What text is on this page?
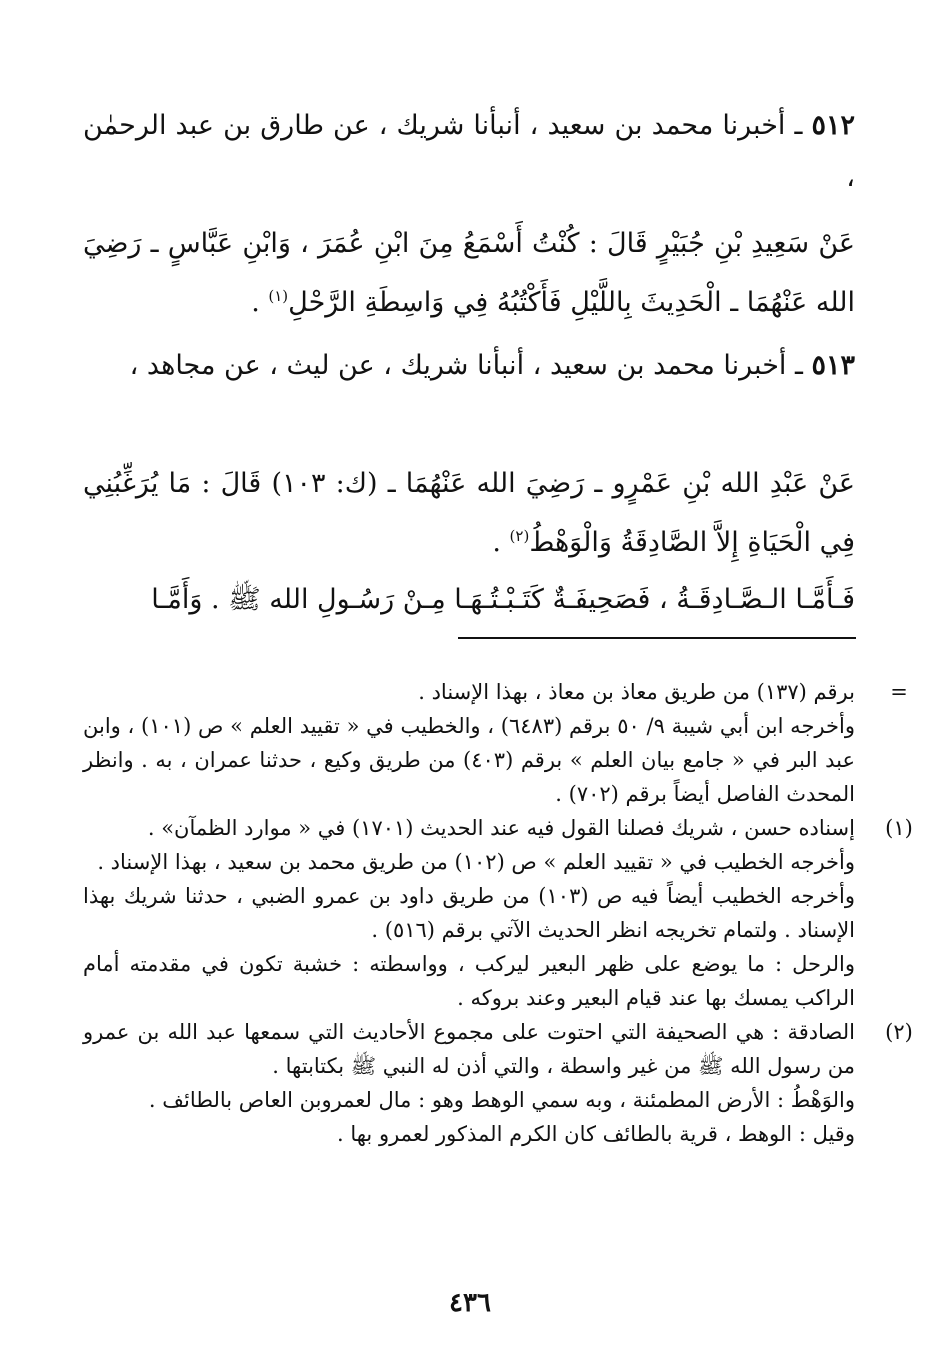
٥١٢ ـ أخبرنا محمد بن سعيد ، أنبأنا شريك ، عن طارق بن عبد الرحمٰن ،
عَنْ سَعِيدِ بْنِ جُبَيْرٍ قَالَ : كُنْتُ أَسْمَعُ مِنَ ابْنِ عُمَرَ ، وَابْنِ عَبَّاسٍ ـ رَضِيَ الله عَنْهُمَا ـ الْحَدِيثَ بِاللَّيْلِ فَأَكْتُبُهُ فِي وَاسِطَةِ الرَّحْلِ$^{(١)}$ .
٥١٣ ـ أخبرنا محمد بن سعيد ، أنبأنا شريك ، عن ليث ، عن مجاهد ،
عَنْ عَبْدِ الله بْنِ عَمْرٍو ـ رَضِيَ الله عَنْهُمَا ـ (ك: ١٠٣) قَالَ : مَا يُرَغِّبُنِي فِي الْحَيَاةِ إِلاَّ الصَّادِقَةُ وَالْوَهْطُ$^{(٢)}$ .
فَـأَمَّـا الـصَّـادِقَـةُ ، فَصَحِيفَـةٌ كَتَـبْـتُـهَـا مِـنْ رَسُـولِ الله ﷺ . وَأَمَّـا
=
برقم (١٣٧) من طريق معاذ بن معاذ ، بهذا الإسناد .
وأخرجه ابن أبي شيبة ٩/ ٥٠ برقم (٦٤٨٣) ، والخطيب في « تقييد العلم » ص (١٠١) ، وابن عبد البر في « جامع بيان العلم » برقم (٤٠٣) من طريق وكيع ، حدثنا عمران ، به . وانظر المحدث الفاصل أيضاً برقم (٧٠٢) .
(١)
إسناده حسن ، شريك فصلنا القول فيه عند الحديث (١٧٠١) في « موارد الظمآن» .
وأخرجه الخطيب في « تقييد العلم » ص (١٠٢) من طريق محمد بن سعيد ، بهذا الإسناد .
وأخرجه الخطيب أيضاً فيه ص (١٠٣) من طريق داود بن عمرو الضبي ، حدثنا شريك بهذا الإسناد . ولتمام تخريجه انظر الحديث الآتي برقم (٥١٦) .
والرحل : ما يوضع على ظهر البعير ليركب ، وواسطته : خشبة تكون في مقدمته أمام الراكب يمسك بها عند قيام البعير وعند بروكه .
(٢)
الصادقة : هي الصحيفة التي احتوت على مجموع الأحاديث التي سمعها عبد الله بن عمرو من رسول الله ﷺ من غير واسطة ، والتي أذن له النبي ﷺ بكتابتها .
والوَهْطُ : الأرض المطمئنة ، وبه سمي الوهط وهو : مال لعمروبن العاص بالطائف .
وقيل : الوهط ، قرية بالطائف كان الكرم المذكور لعمرو بها .
٤٣٦
